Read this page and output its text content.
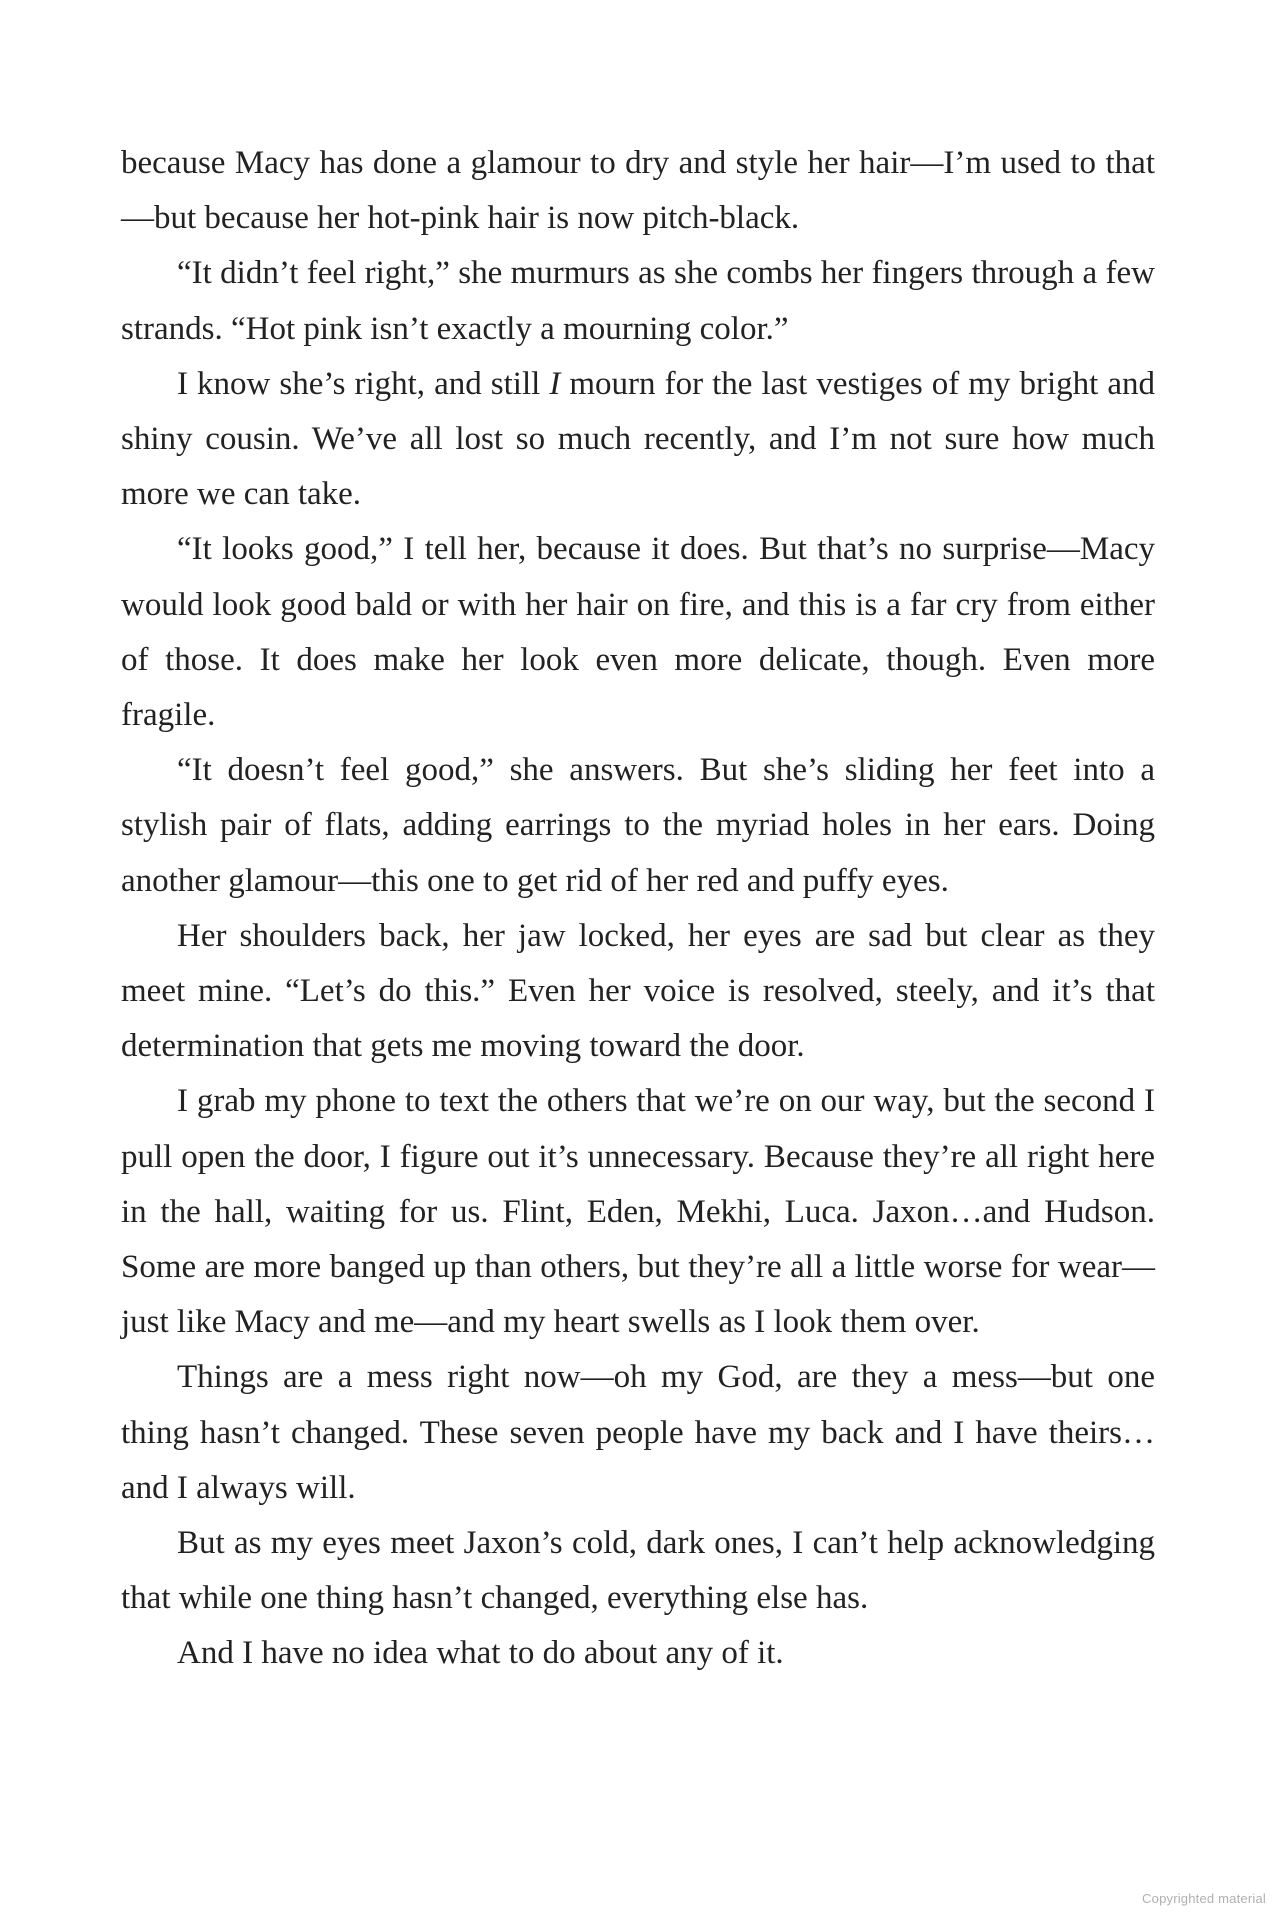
because Macy has done a glamour to dry and style her hair—I’m used to that—but because her hot-pink hair is now pitch-black.

“It didn’t feel right,” she murmurs as she combs her fingers through a few strands. “Hot pink isn’t exactly a mourning color.”

I know she’s right, and still I mourn for the last vestiges of my bright and shiny cousin. We’ve all lost so much recently, and I’m not sure how much more we can take.

“It looks good,” I tell her, because it does. But that’s no surprise—Macy would look good bald or with her hair on fire, and this is a far cry from either of those. It does make her look even more delicate, though. Even more fragile.

“It doesn’t feel good,” she answers. But she’s sliding her feet into a stylish pair of flats, adding earrings to the myriad holes in her ears. Doing another glamour—this one to get rid of her red and puffy eyes.

Her shoulders back, her jaw locked, her eyes are sad but clear as they meet mine. “Let’s do this.” Even her voice is resolved, steely, and it’s that determination that gets me moving toward the door.

I grab my phone to text the others that we’re on our way, but the second I pull open the door, I figure out it’s unnecessary. Because they’re all right here in the hall, waiting for us. Flint, Eden, Mekhi, Luca. Jaxon…and Hudson. Some are more banged up than others, but they’re all a little worse for wear—just like Macy and me—and my heart swells as I look them over.

Things are a mess right now—oh my God, are they a mess—but one thing hasn’t changed. These seven people have my back and I have theirs…and I always will.

But as my eyes meet Jaxon’s cold, dark ones, I can’t help acknowledging that while one thing hasn’t changed, everything else has.

And I have no idea what to do about any of it.

Copyrighted material
